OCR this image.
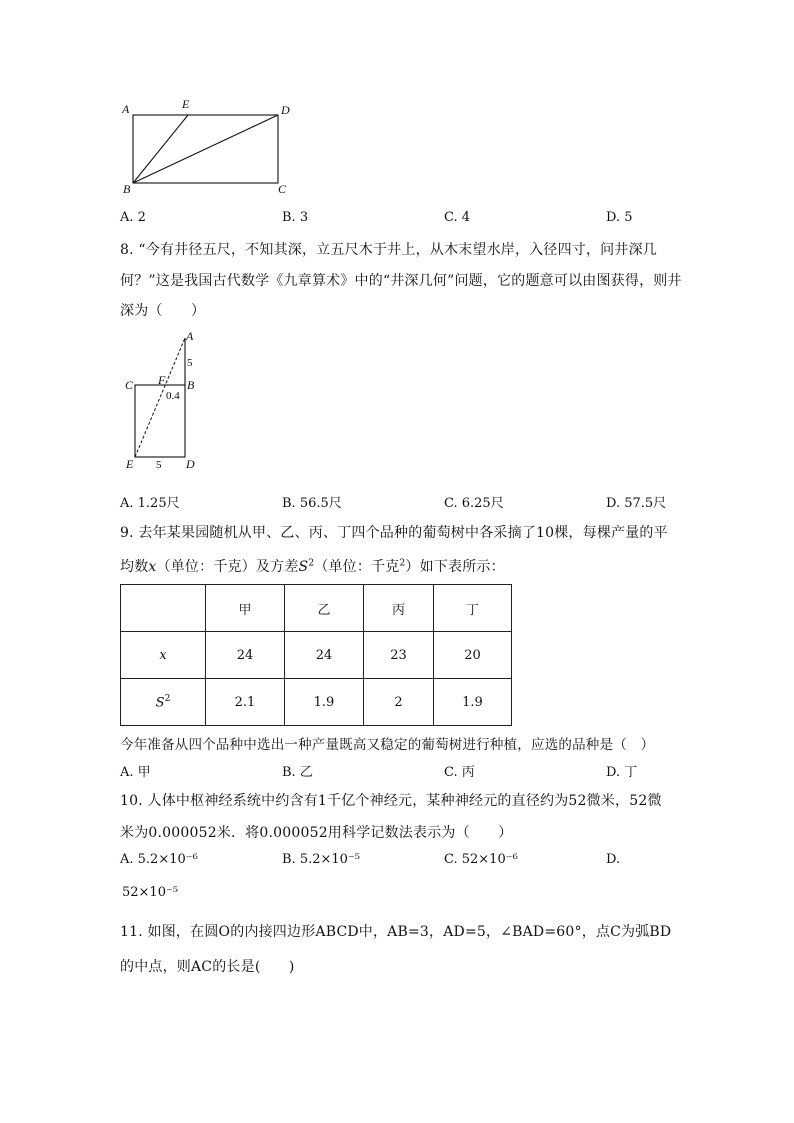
A	E	D
B	C
A. 2	B. 3	C. 4	D. 5
8. “今有井径五尺，不知其深，立五尺木于井上，从木末望水岸，入径四寸，问井深几
何？”这是我国古代数学《九章算术》中的“井深几何”问题，它的题意可以由图获得，则井
深为（　　）
A
5
C F B
0.4
E 5 D
A. 1.25尺	B. 56.5尺	C. 6.25尺	D. 57.5尺
9. 去年某果园随机从甲、乙、丙、丁四个品种的葡萄树中各采摘了10棵，每棵产量的平
均数x（单位：千克）及方差$S^2$（单位：千克$^2$）如下表所示：
	甲	乙	丙	丁
x	24	24	23	20
$S^2$	2.1	1.9	2	1.9
今年准备从四个品种中选出一种产量既高又稳定的葡萄树进行种植，应选的品种是（　）
A. 甲	B. 乙	C. 丙	D. 丁
10. 人体中枢神经系统中约含有1千亿个神经元，某种神经元的直径约为52微米，52微
米为0.000052米．将0.000052用科学记数法表示为（　　）
A. 5.2×10⁻⁶	B. 5.2×10⁻⁵	C. 52×10⁻⁶	D.
52×10⁻⁵
11. 如图，在圆O的内接四边形ABCD中，AB=3，AD=5，∠BAD=60°，点C为弧BD
的中点，则AC的长是(　　)
